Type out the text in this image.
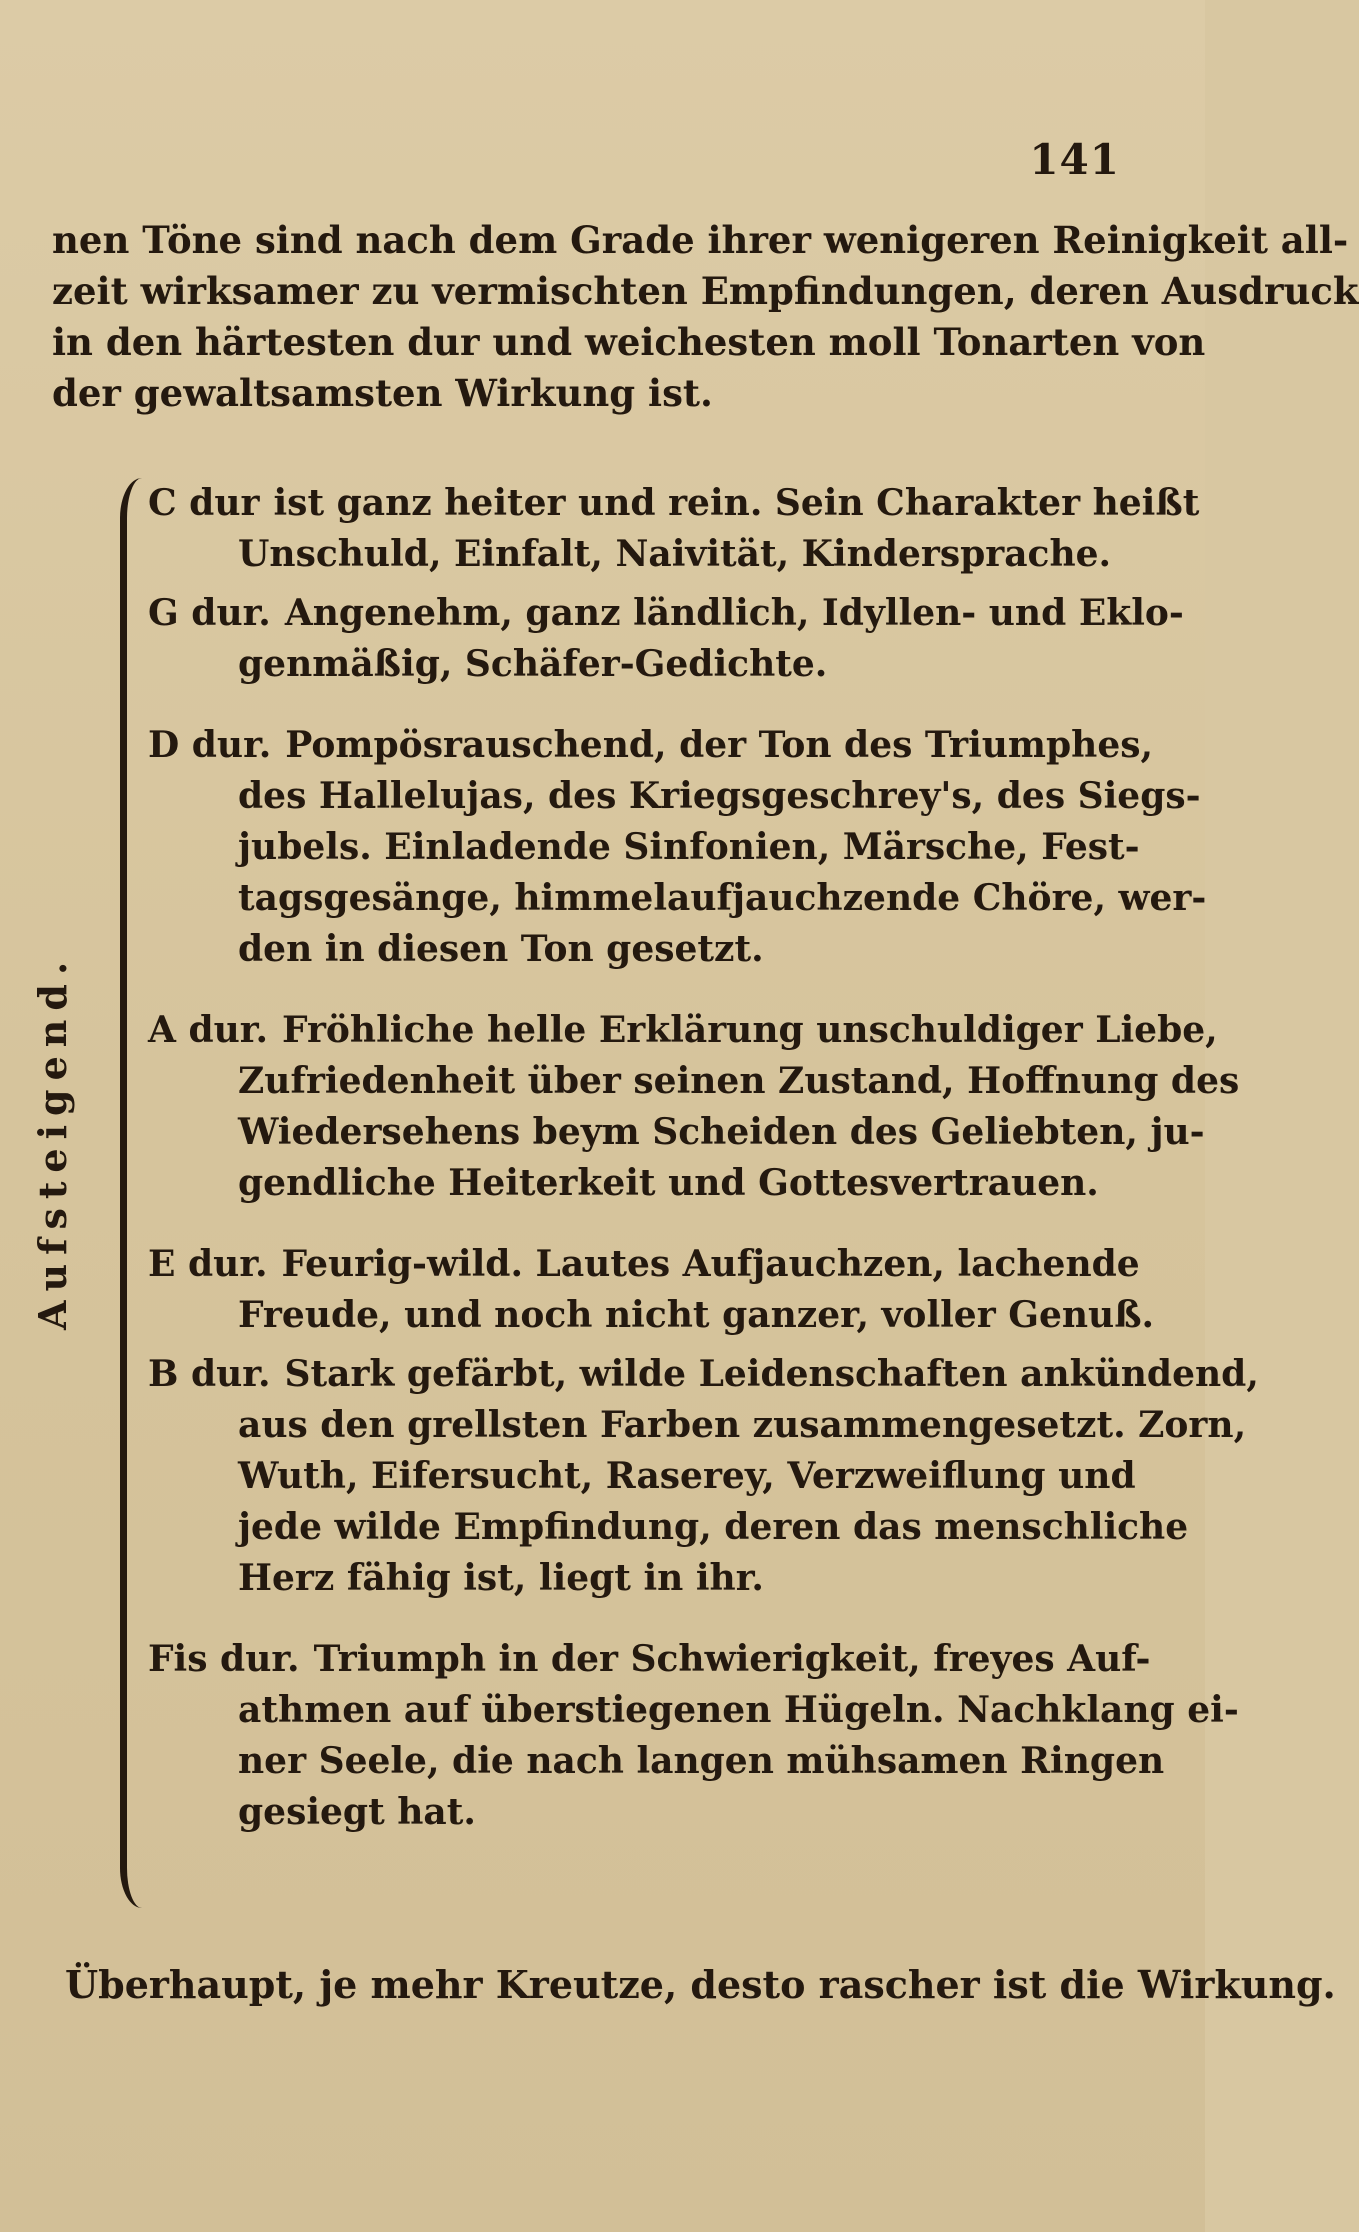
141

nen Töne sind nach dem Grade ihrer wenigeren Reinigkeit all-

zeit wirksamer zu vermischten Empfindungen, deren Ausdruck

in den härtesten dur und weichesten moll Tonarten von

der gewaltsamsten Wirkung ist.

Aufsteigend.
C dur ist ganz heiter und rein. Sein Charakter heißt
Unschuld, Einfalt, Naivität, Kindersprache.
G dur. Angenehm, ganz ländlich, Idyllen- und Eklo-
genmäßig, Schäfer-Gedichte.
D dur. Pompösrauschend, der Ton des Triumphes,
des Hallelujas, des Kriegsgeschrey's, des Siegs-
jubels. Einladende Sinfonien, Märsche, Fest-
tagsgesänge, himmelaufjauchzende Chöre, wer-
den in diesen Ton gesetzt.
A dur. Fröhliche helle Erklärung unschuldiger Liebe,
Zufriedenheit über seinen Zustand, Hoffnung des
Wiedersehens beym Scheiden des Geliebten, ju-
gendliche Heiterkeit und Gottesvertrauen.
E dur. Feurig-wild. Lautes Aufjauchzen, lachende
Freude, und noch nicht ganzer, voller Genuß.
B dur. Stark gefärbt, wilde Leidenschaften ankündend,
aus den grellsten Farben zusammengesetzt. Zorn,
Wuth, Eifersucht, Raserey, Verzweiflung und
jede wilde Empfindung, deren das menschliche
Herz fähig ist, liegt in ihr.
Fis dur. Triumph in der Schwierigkeit, freyes Auf-
athmen auf überstiegenen Hügeln. Nachklang ei-
ner Seele, die nach langen mühsamen Ringen
gesiegt hat.
Überhaupt, je mehr Kreutze, desto rascher ist die Wirkung.
